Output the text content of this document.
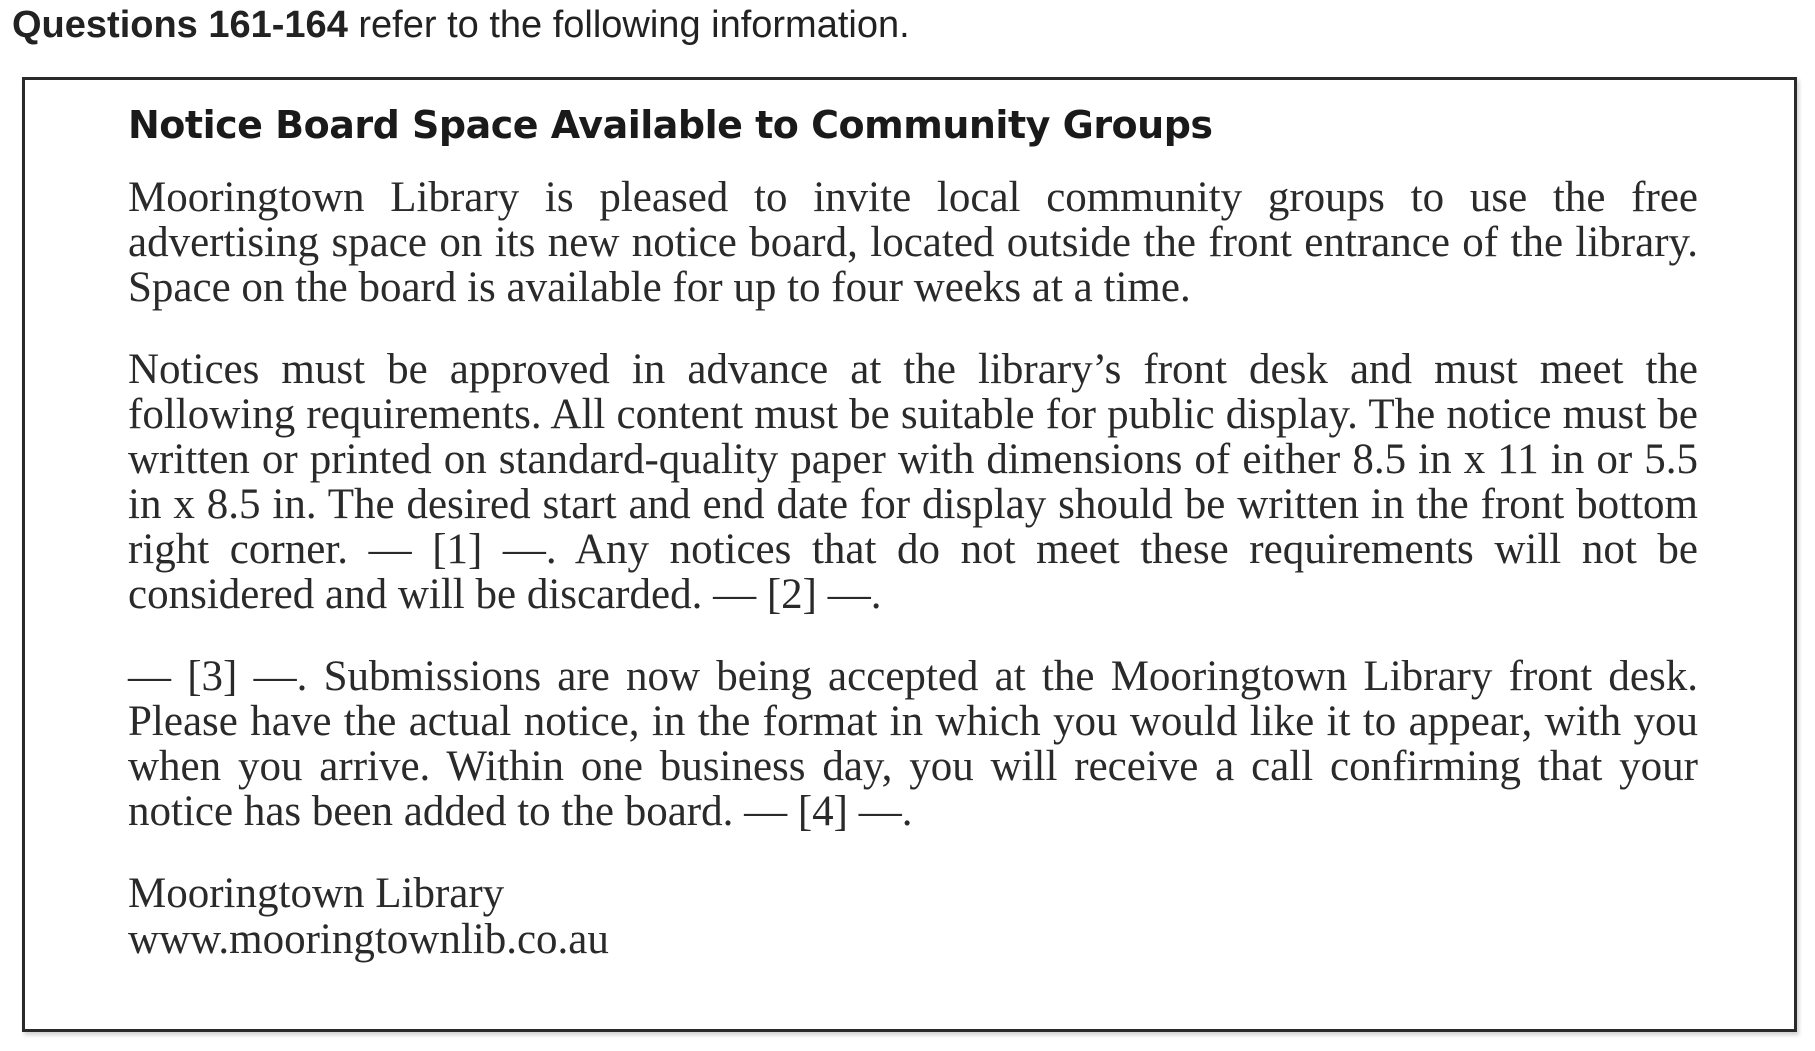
Questions 161-164 refer to the following information.
Notice Board Space Available to Community Groups

Mooringtown Library is pleased to invite local community groups to use the free advertising space on its new notice board, located outside the front entrance of the library. Space on the board is available for up to four weeks at a time.

Notices must be approved in advance at the library’s front desk and must meet the following requirements. All content must be suitable for public display. The notice must be written or printed on standard-quality paper with dimensions of either 8.5 in x 11 in or 5.5 in x 8.5 in. The desired start and end date for display should be written in the front bottom right corner. — [1] —. Any notices that do not meet these requirements will not be considered and will be discarded. — [2] —.

— [3] —. Submissions are now being accepted at the Mooringtown Library front desk. Please have the actual notice, in the format in which you would like it to appear, with you when you arrive. Within one business day, you will receive a call confirming that your notice has been added to the board. — [4] —.

Mooringtown Library
www.mooringtownlib.co.au
